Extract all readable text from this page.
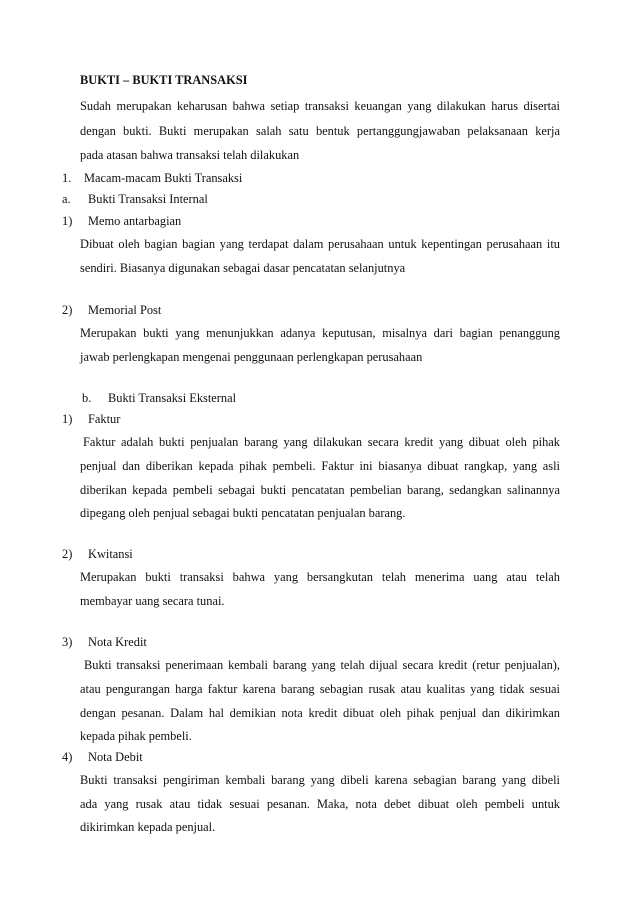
BUKTI – BUKTI TRANSAKSI
Sudah merupakan keharusan bahwa setiap transaksi keuangan yang dilakukan harus disertai
dengan bukti. Bukti merupakan salah satu bentuk pertanggungjawaban pelaksanaan kerja
pada atasan bahwa transaksi telah dilakukan
1. Macam-macam Bukti Transaksi
a. Bukti Transaksi Internal
1) Memo antarbagian
Dibuat oleh bagian bagian yang terdapat dalam perusahaan untuk kepentingan perusahaan itu
sendiri. Biasanya digunakan sebagai dasar pencatatan selanjutnya
2) Memorial Post
Merupakan bukti yang menunjukkan adanya keputusan, misalnya dari bagian penanggung
jawab perlengkapan mengenai penggunaan perlengkapan perusahaan
b. Bukti Transaksi Eksternal
1) Faktur
Faktur adalah bukti penjualan barang yang dilakukan secara kredit yang dibuat oleh pihak
penjual dan diberikan kepada pihak pembeli. Faktur ini biasanya dibuat rangkap, yang asli
diberikan kepada pembeli sebagai bukti pencatatan pembelian barang, sedangkan salinannya
dipegang oleh penjual sebagai bukti pencatatan penjualan barang.
2) Kwitansi
Merupakan bukti transaksi bahwa yang bersangkutan telah menerima uang atau telah
membayar uang secara tunai.
3) Nota Kredit
Bukti transaksi penerimaan kembali barang yang telah dijual secara kredit (retur penjualan),
atau pengurangan harga faktur karena barang sebagian rusak atau kualitas yang tidak sesuai
dengan pesanan. Dalam hal demikian nota kredit dibuat oleh pihak penjual dan dikirimkan
kepada pihak pembeli.
4) Nota Debit
Bukti transaksi pengiriman kembali barang yang dibeli karena sebagian barang yang dibeli
ada yang rusak atau tidak sesuai pesanan. Maka, nota debet dibuat oleh pembeli untuk
dikirimkan kepada penjual.
